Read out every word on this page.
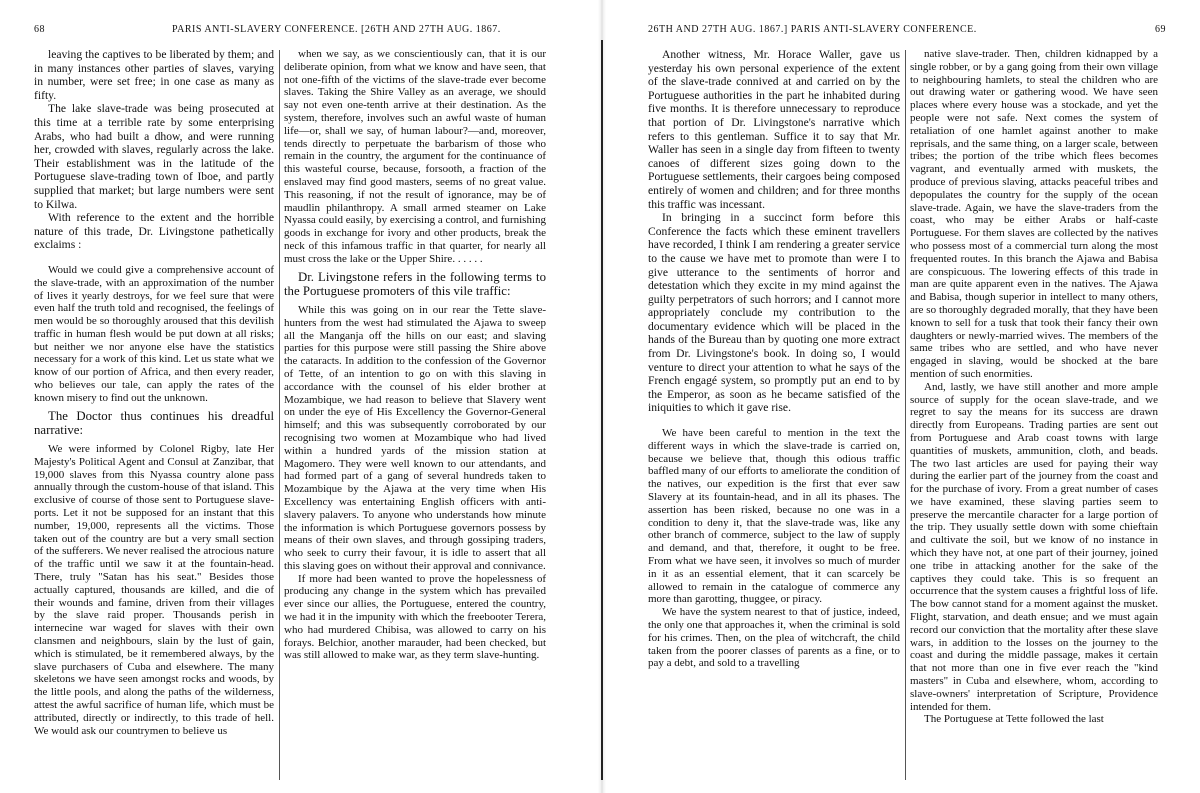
68	PARIS ANTI-SLAVERY CONFERENCE. [26TH AND 27TH AUG. 1867.

leaving the captives to be liberated by them; and in many instances other parties of slaves, varying in number, were set free; in one case as many as fifty.

The lake slave-trade was being prosecuted at this time at a terrible rate by some enterprising Arabs, who had built a dhow, and were running her, crowded with slaves, regularly across the lake. Their establishment was in the latitude of the Portuguese slave-trading town of Iboe, and partly supplied that market; but large numbers were sent to Kilwa.

With reference to the extent and the horrible nature of this trade, Dr. Livingstone pathetically exclaims :

Would we could give a comprehensive account of the slave-trade, with an approximation of the number of lives it yearly destroys, for we feel sure that were even half the truth told and recognised, the feelings of men would be so thoroughly aroused that this devilish traffic in human flesh would be put down at all risks; but neither we nor anyone else have the statistics necessary for a work of this kind. Let us state what we know of our portion of Africa, and then every reader, who believes our tale, can apply the rates of the known misery to find out the unknown.

The Doctor thus continues his dreadful narrative:

We were informed by Colonel Rigby, late Her Majesty's Political Agent and Consul at Zanzibar, that 19,000 slaves from this Nyassa country alone pass annually through the custom-house of that island. This exclusive of course of those sent to Portuguese slave-ports. Let it not be supposed for an instant that this number, 19,000, represents all the victims. Those taken out of the country are but a very small section of the sufferers. We never realised the atrocious nature of the traffic until we saw it at the fountain-head. There, truly "Satan has his seat." Besides those actually captured, thousands are killed, and die of their wounds and famine, driven from their villages by the slave raid proper. Thousands perish in internecine war waged for slaves with their own clansmen and neighbours, slain by the lust of gain, which is stimulated, be it remembered always, by the slave purchasers of Cuba and elsewhere. The many skeletons we have seen amongst rocks and woods, by the little pools, and along the paths of the wilderness, attest the awful sacrifice of human life, which must be attributed, directly or indirectly, to this trade of hell. We would ask our countrymen to believe us

when we say, as we conscientiously can, that it is our deliberate opinion, from what we know and have seen, that not one-fifth of the victims of the slave-trade ever become slaves. Taking the Shire Valley as an average, we should say not even one-tenth arrive at their destination. As the system, therefore, involves such an awful waste of human life—or, shall we say, of human labour?—and, moreover, tends directly to perpetuate the barbarism of those who remain in the country, the argument for the continuance of this wasteful course, because, forsooth, a fraction of the enslaved may find good masters, seems of no great value. This reasoning, if not the result of ignorance, may be of maudlin philanthropy. A small armed steamer on Lake Nyassa could easily, by exercising a control, and furnishing goods in exchange for ivory and other products, break the neck of this infamous traffic in that quarter, for nearly all must cross the lake or the Upper Shire. . . . . .

Dr. Livingstone refers in the following terms to the Portuguese promoters of this vile traffic:

While this was going on in our rear the Tette slave-hunters from the west had stimulated the Ajawa to sweep all the Manganja off the hills on our east; and slaving parties for this purpose were still passing the Shire above the cataracts. In addition to the confession of the Governor of Tette, of an intention to go on with this slaving in accordance with the counsel of his elder brother at Mozambique, we had reason to believe that Slavery went on under the eye of His Excellency the Governor-General himself; and this was subsequently corroborated by our recognising two women at Mozambique who had lived within a hundred yards of the mission station at Magomero. They were well known to our attendants, and had formed part of a gang of several hundreds taken to Mozambique by the Ajawa at the very time when His Excellency was entertaining English officers with anti-slavery palavers. To anyone who understands how minute the information is which Portuguese governors possess by means of their own slaves, and through gossiping traders, who seek to curry their favour, it is idle to assert that all this slaving goes on without their approval and connivance.

If more had been wanted to prove the hopelessness of producing any change in the system which has prevailed ever since our allies, the Portuguese, entered the country, we had it in the impunity with which the freebooter Terera, who had murdered Chibisa, was allowed to carry on his forays. Belchior, another marauder, had been checked, but was still allowed to make war, as they term slave-hunting.

26TH AND 27TH AUG. 1867.] PARIS ANTI-SLAVERY CONFERENCE.	69

Another witness, Mr. Horace Waller, gave us yesterday his own personal experience of the extent of the slave-trade connived at and carried on by the Portuguese authorities in the part he inhabited during five months. It is therefore unnecessary to reproduce that portion of Dr. Livingstone's narrative which refers to this gentleman. Suffice it to say that Mr. Waller has seen in a single day from fifteen to twenty canoes of different sizes going down to the Portuguese settlements, their cargoes being composed entirely of women and children; and for three months this traffic was incessant.

In bringing in a succinct form before this Conference the facts which these eminent travellers have recorded, I think I am rendering a greater service to the cause we have met to promote than were I to give utterance to the sentiments of horror and detestation which they excite in my mind against the guilty perpetrators of such horrors; and I cannot more appropriately conclude my contribution to the documentary evidence which will be placed in the hands of the Bureau than by quoting one more extract from Dr. Livingstone's book. In doing so, I would venture to direct your attention to what he says of the French engagé system, so promptly put an end to by the Emperor, as soon as he became satisfied of the iniquities to which it gave rise.

We have been careful to mention in the text the different ways in which the slave-trade is carried on, because we believe that, though this odious traffic baffled many of our efforts to ameliorate the condition of the natives, our expedition is the first that ever saw Slavery at its fountain-head, and in all its phases. The assertion has been risked, because no one was in a condition to deny it, that the slave-trade was, like any other branch of commerce, subject to the law of supply and demand, and that, therefore, it ought to be free. From what we have seen, it involves so much of murder in it as an essential element, that it can scarcely be allowed to remain in the catalogue of commerce any more than garotting, thuggee, or piracy.

We have the system nearest to that of justice, indeed, the only one that approaches it, when the criminal is sold for his crimes. Then, on the plea of witchcraft, the child taken from the poorer classes of parents as a fine, or to pay a debt, and sold to a travelling

native slave-trader. Then, children kidnapped by a single robber, or by a gang going from their own village to neighbouring hamlets, to steal the children who are out drawing water or gathering wood. We have seen places where every house was a stockade, and yet the people were not safe. Next comes the system of retaliation of one hamlet against another to make reprisals, and the same thing, on a larger scale, between tribes; the portion of the tribe which flees becomes vagrant, and eventually armed with muskets, the produce of previous slaving, attacks peaceful tribes and depopulates the country for the supply of the ocean slave-trade. Again, we have the slave-traders from the coast, who may be either Arabs or half-caste Portuguese. For them slaves are collected by the natives who possess most of a commercial turn along the most frequented routes. In this branch the Ajawa and Babisa are conspicuous. The lowering effects of this trade in man are quite apparent even in the natives. The Ajawa and Babisa, though superior in intellect to many others, are so thoroughly degraded morally, that they have been known to sell for a tusk that took their fancy their own daughters or newly-married wives. The members of the same tribes who are settled, and who have never engaged in slaving, would be shocked at the bare mention of such enormities.

And, lastly, we have still another and more ample source of supply for the ocean slave-trade, and we regret to say the means for its success are drawn directly from Europeans. Trading parties are sent out from Portuguese and Arab coast towns with large quantities of muskets, ammunition, cloth, and beads. The two last articles are used for paying their way during the earlier part of the journey from the coast and for the purchase of ivory. From a great number of cases we have examined, these slaving parties seem to preserve the mercantile character for a large portion of the trip. They usually settle down with some chieftain and cultivate the soil, but we know of no instance in which they have not, at one part of their journey, joined one tribe in attacking another for the sake of the captives they could take. This is so frequent an occurrence that the system causes a frightful loss of life. The bow cannot stand for a moment against the musket. Flight, starvation, and death ensue; and we must again record our conviction that the mortality after these slave wars, in addition to the losses on the journey to the coast and during the middle passage, makes it certain that not more than one in five ever reach the "kind masters" in Cuba and elsewhere, whom, according to slave-owners' interpretation of Scripture, Providence intended for them.

The Portuguese at Tette followed the last
